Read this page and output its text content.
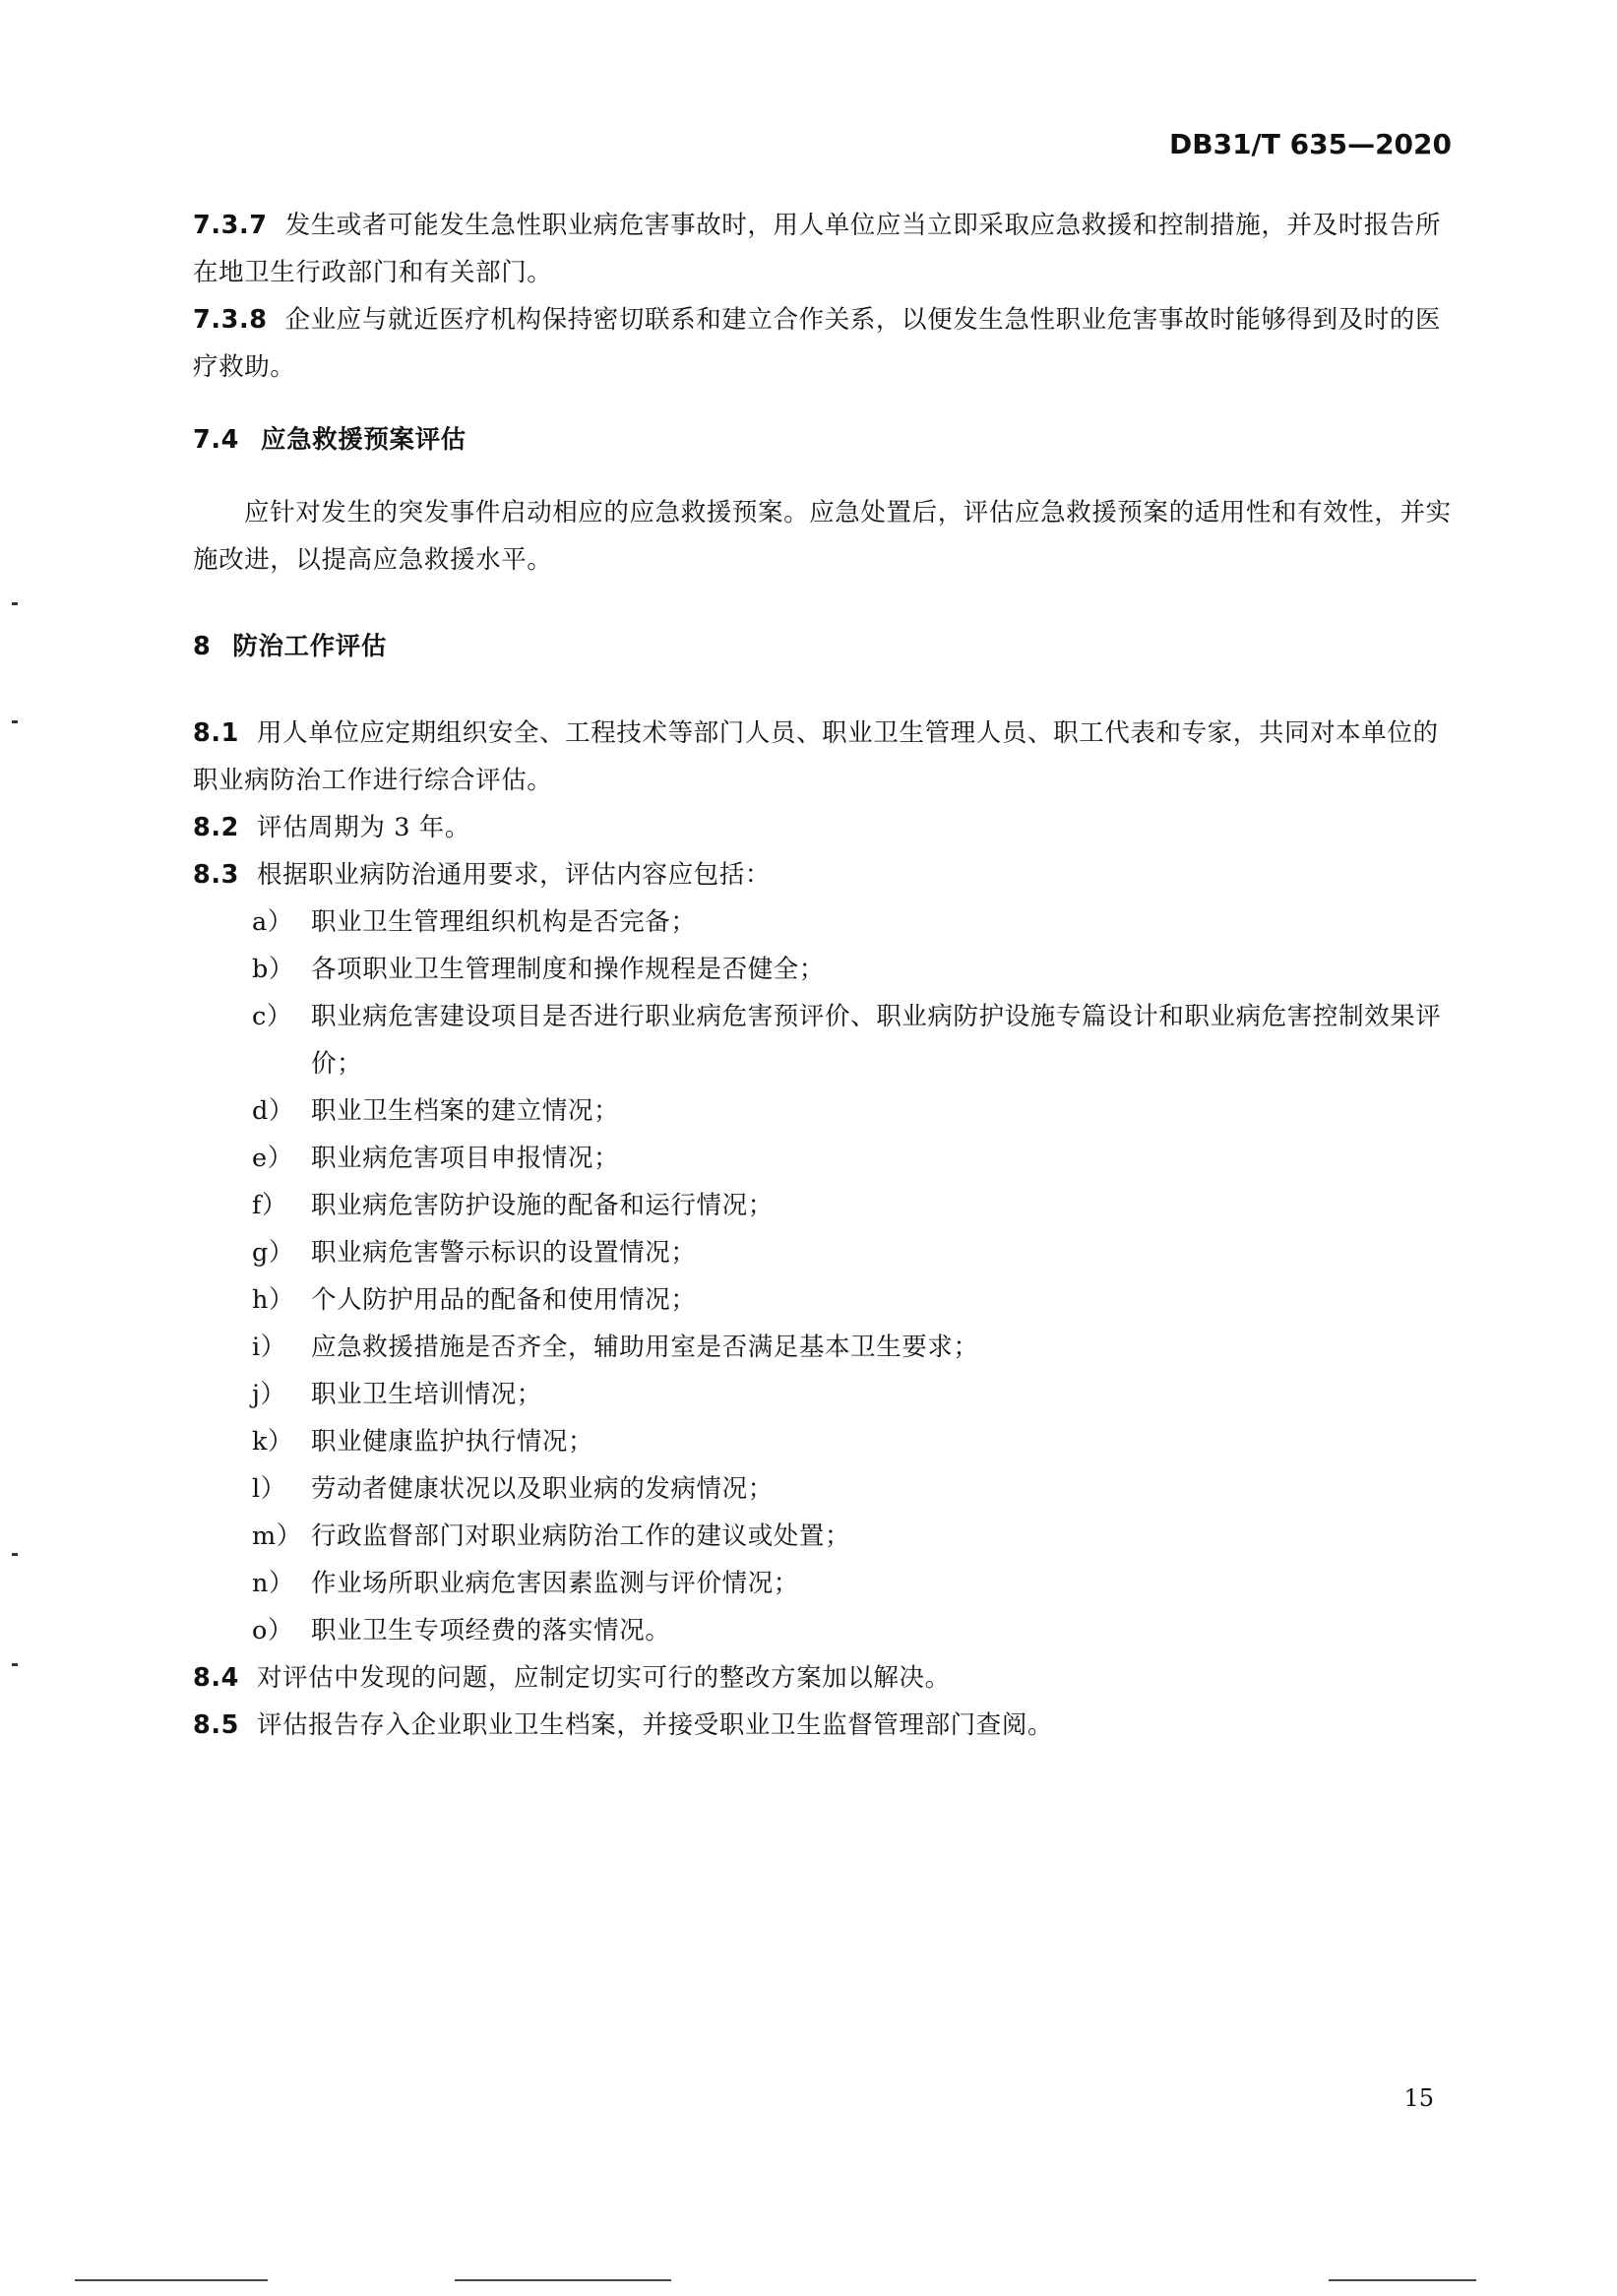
DB31/T 635—2020

7.3.7 发生或者可能发生急性职业病危害事故时，用人单位应当立即采取应急救援和控制措施，并及时报告所在地卫生行政部门和有关部门。

7.3.8 企业应与就近医疗机构保持密切联系和建立合作关系，以便发生急性职业危害事故时能够得到及时的医疗救助。

7.4 应急救援预案评估

应针对发生的突发事件启动相应的应急救援预案。应急处置后，评估应急救援预案的适用性和有效性，并实施改进，以提高应急救援水平。

8 防治工作评估

8.1 用人单位应定期组织安全、工程技术等部门人员、职业卫生管理人员、职工代表和专家，共同对本单位的职业病防治工作进行综合评估。

8.2 评估周期为 3 年。

8.3 根据职业病防治通用要求，评估内容应包括：

a） 职业卫生管理组织机构是否完备；
b） 各项职业卫生管理制度和操作规程是否健全；
c） 职业病危害建设项目是否进行职业病危害预评价、职业病防护设施专篇设计和职业病危害控制效果评价；
d） 职业卫生档案的建立情况；
e） 职业病危害项目申报情况；
f） 职业病危害防护设施的配备和运行情况；
g） 职业病危害警示标识的设置情况；
h） 个人防护用品的配备和使用情况；
i） 应急救援措施是否齐全，辅助用室是否满足基本卫生要求；
j） 职业卫生培训情况；
k） 职业健康监护执行情况；
l） 劳动者健康状况以及职业病的发病情况；
m） 行政监督部门对职业病防治工作的建议或处置；
n） 作业场所职业病危害因素监测与评价情况；
o） 职业卫生专项经费的落实情况。

8.4 对评估中发现的问题，应制定切实可行的整改方案加以解决。

8.5 评估报告存入企业职业卫生档案，并接受职业卫生监督管理部门查阅。

15
